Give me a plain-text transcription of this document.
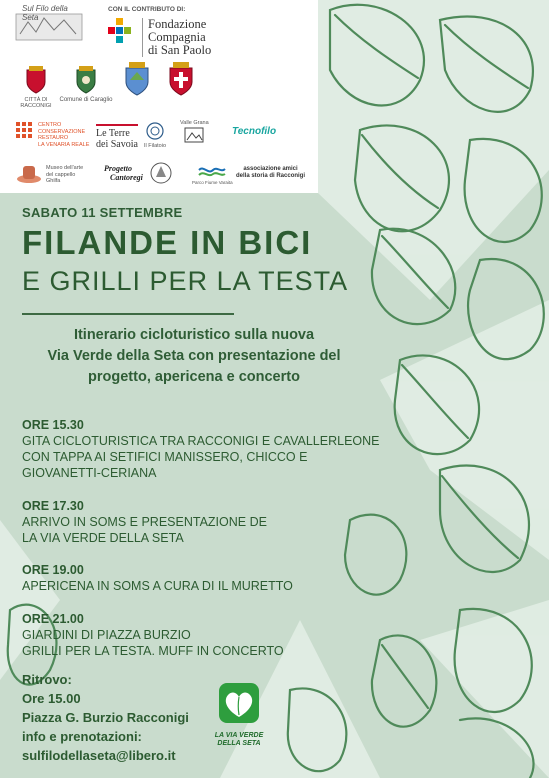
Sul Filo della Seta
CON IL CONTRIBUTO DI:
Fondazione
Compagnia
di San Paolo
CITTÀ DI RACCONIGI
Comune di Caraglio
CENTRO
CONSERVAZIONE
RESTAURO
LA VENARIA REALE
Le Terre
dei Savoia Il Filatoio
Valle Grana
Tecnofilo
Museo dell'arte
del cappello
Ghilfa
Progetto
Cantoregi
Parco Fiume Varaita
associazione amici
della storia di Racconigi
SABATO 11 SETTEMBRE
FILANDE IN BICI
E GRILLI PER LA TESTA
Itinerario cicloturistico sulla nuova
Via Verde della Seta con presentazione del
progetto, apericena e concerto
ORE 15.30
GITA CICLOTURISTICA TRA RACCONIGI E CAVALLERLEONE
CON TAPPA AI SETIFICI MANISSERO, CHICCO E
GIOVANETTI-CERIANA
ORE 17.30
ARRIVO IN SOMS E PRESENTAZIONE DE
LA VIA VERDE DELLA SETA
ORE 19.00
APERICENA IN SOMS A CURA DI IL MURETTO
ORE 21.00
GIARDINI DI PIAZZA BURZIO
GRILLI PER LA TESTA. MUFF IN CONCERTO
Ritrovo:
Ore 15.00
Piazza G. Burzio Racconigi
info e prenotazioni:
sulfilodellaseta@libero.it
LA VIA VERDE
DELLA SETA
